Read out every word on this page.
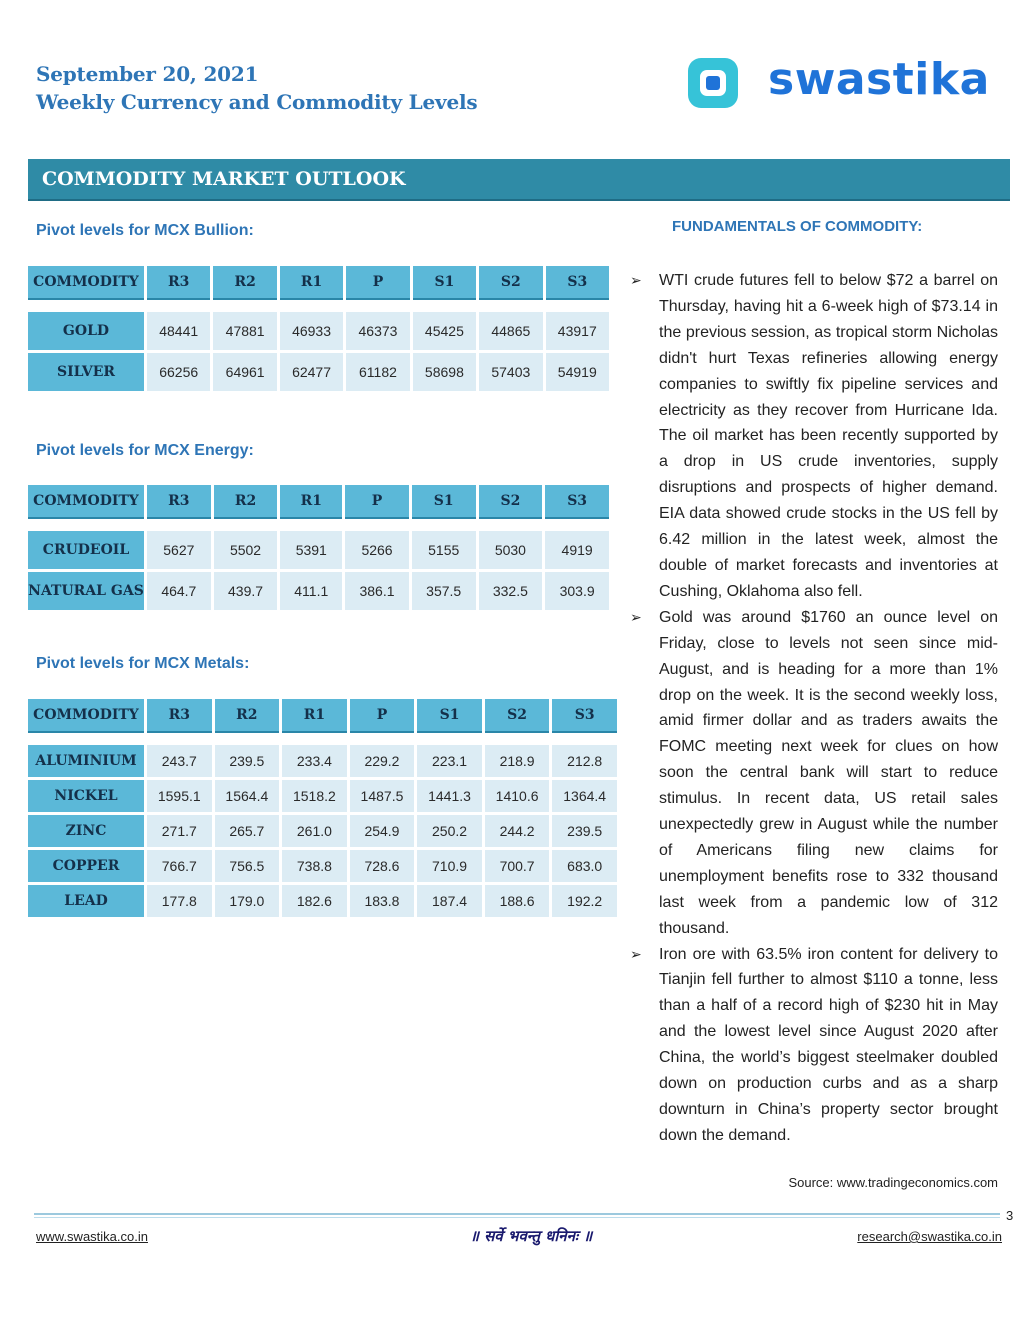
September 20, 2021
Weekly Currency and Commodity Levels	swastika
COMMODITY MARKET OUTLOOK
Pivot levels for MCX Bullion:
COMMODITY	R3	R2	R1	P	S1	S2	S3

GOLD	48441	47881	46933	46373	45425	44865	43917
SILVER	66256	64961	62477	61182	58698	57403	54919
Pivot levels for MCX Energy:
COMMODITY	R3	R2	R1	P	S1	S2	S3

CRUDEOIL	5627	5502	5391	5266	5155	5030	4919
NATURAL GAS	464.7	439.7	411.1	386.1	357.5	332.5	303.9
Pivot levels for MCX Metals:
COMMODITY	R3	R2	R1	P	S1	S2	S3

ALUMINIUM	243.7	239.5	233.4	229.2	223.1	218.9	212.8
NICKEL	1595.1	1564.4	1518.2	1487.5	1441.3	1410.6	1364.4
ZINC	271.7	265.7	261.0	254.9	250.2	244.2	239.5
COPPER	766.7	756.5	738.8	728.6	710.9	700.7	683.0
LEAD	177.8	179.0	182.6	183.8	187.4	188.6	192.2
FUNDAMENTALS OF COMMODITY:
➢ WTI crude futures fell to below $72 a barrel on Thursday, having hit a 6-week high of $73.14 in the previous session, as tropical storm Nicholas didn't hurt Texas refineries allowing energy companies to swiftly fix pipeline services and electricity as they recover from Hurricane Ida. The oil market has been recently supported by a drop in US crude inventories, supply disruptions and prospects of higher demand. EIA data showed crude stocks in the US fell by 6.42 million in the latest week, almost the double of market forecasts and inventories at Cushing, Oklahoma also fell.
➢ Gold was around $1760 an ounce level on Friday, close to levels not seen since mid-August, and is heading for a more than 1% drop on the week. It is the second weekly loss, amid firmer dollar and as traders awaits the FOMC meeting next week for clues on how soon the central bank will start to reduce stimulus. In recent data, US retail sales unexpectedly grew in August while the number of Americans filing new claims for unemployment benefits rose to 332 thousand last week from a pandemic low of 312 thousand.
➢ Iron ore with 63.5% iron content for delivery to Tianjin fell further to almost $110 a tonne, less than a half of a record high of $230 hit in May and the lowest level since August 2020 after China, the world’s biggest steelmaker doubled down on production curbs and as a sharp downturn in China’s property sector brought down the demand.
Source: www.tradingeconomics.com
3
www.swastika.co.in	॥ सर्वे भवन्तु धनिनः ॥	research@swastika.co.in
